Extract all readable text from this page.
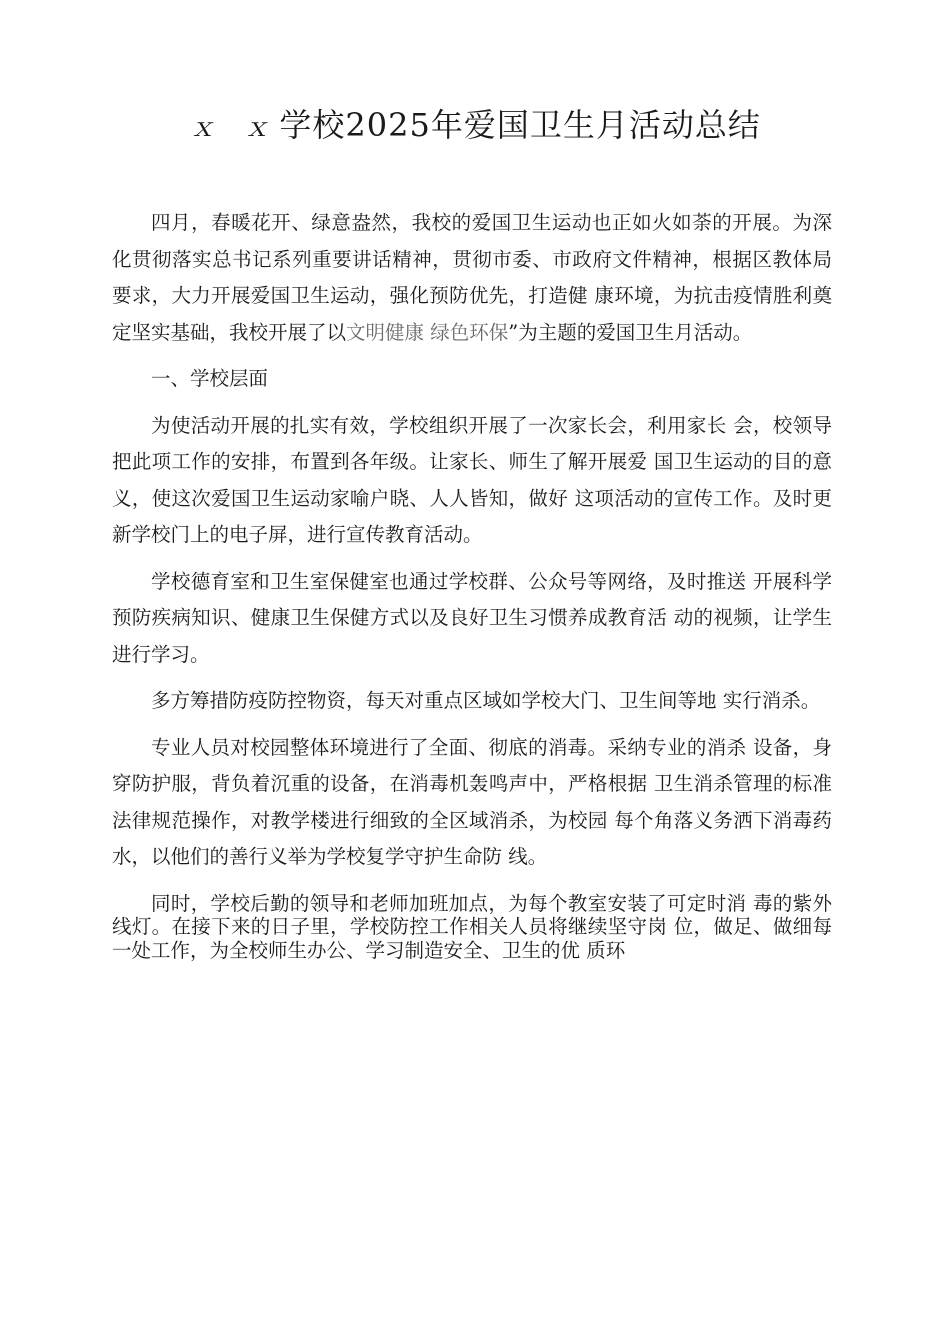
ｘ ｘ学校2025年爱国卫生月活动总结

四月，春暖花开、绿意盎然，我校的爱国卫生运动也正如火如荼的开展。为深化贯彻落实总书记系列重要讲话精神，贯彻市委、市政府文件精神，根据区教体局要求，大力开展爱国卫生运动，强化预防优先，打造健 康环境，为抗击疫情胜利奠定坚实基础，我校开展了以文明健康 绿色环保”为主题的爱国卫生月活动。

一、学校层面

为使活动开展的扎实有效，学校组织开展了一次家长会，利用家长 会，校领导把此项工作的安排，布置到各年级。让家长、师生了解开展爱 国卫生运动的目的意义，使这次爱国卫生运动家喻户晓、人人皆知，做好 这项活动的宣传工作。及时更新学校门上的电子屏，进行宣传教育活动。

学校德育室和卫生室保健室也通过学校群、公众号等网络，及时推送 开展科学预防疾病知识、健康卫生保健方式以及良好卫生习惯养成教育活 动的视频，让学生进行学习。

多方筹措防疫防控物资，每天对重点区域如学校大门、卫生间等地 实行消杀。

专业人员对校园整体环境进行了全面、彻底的消毒。采纳专业的消杀 设备，身穿防护服，背负着沉重的设备，在消毒机轰鸣声中，严格根据 卫生消杀管理的标准法律规范操作，对教学楼进行细致的全区域消杀，为校园 每个角落义务洒下消毒药水，以他们的善行义举为学校复学守护生命防 线。

同时，学校后勤的领导和老师加班加点，为每个教室安装了可定时消 毒的紫外线灯。在接下来的日子里，学校防控工作相关人员将继续坚守岗 位，做足、做细每一处工作，为全校师生办公、学习制造安全、卫生的优 质环
